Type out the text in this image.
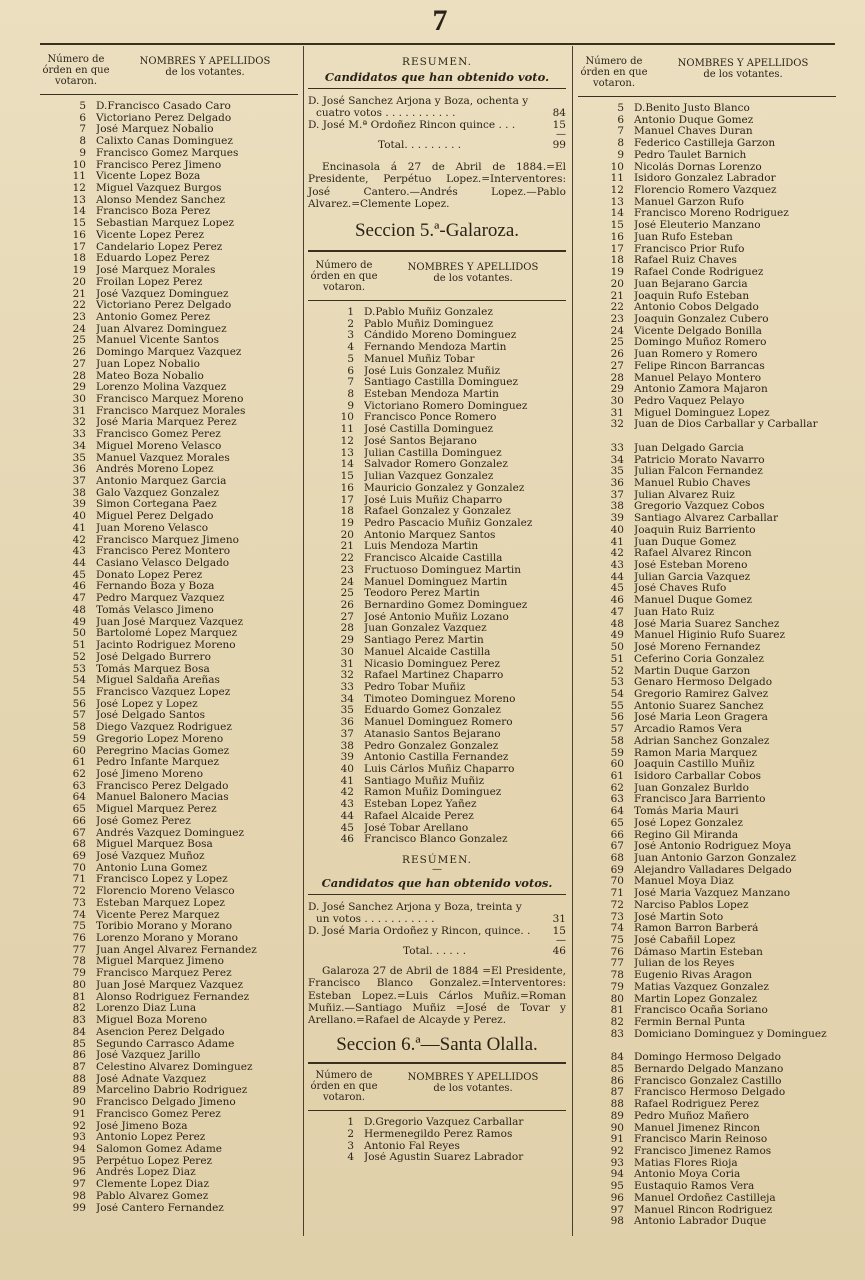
7
Número de
órden en que
votaron.
NOMBRES Y APELLIDOS
de los votantes.
5 D.Francisco Casado Caro
6 Victoriano Perez Delgado
7 José Marquez Nobalio
8 Calixto Canas Dominguez
9 Francisco Gomez Marques
10 Francisco Perez Jimeno
11 Vicente Lopez Boza
12 Miguel Vazquez Burgos
13 Alonso Mendez Sanchez
14 Francisco Boza Perez
15 Sebastian Marquez Lopez
16 Vicente Lopez Perez
17 Candelario Lopez Perez
18 Eduardo Lopez Perez
19 José Marquez Morales
20 Froilan Lopez Perez
21 José Vazquez Dominguez
22 Victoriano Perez Delgado
23 Antonio Gomez Perez
24 Juan Alvarez Dominguez
25 Manuel Vicente Santos
26 Domingo Marquez Vazquez
27 Juan Lopez Nobalio
28 Mateo Boza Nobalio
29 Lorenzo Molina Vazquez
30 Francisco Marquez Moreno
31 Francisco Marquez Morales
32 José Maria Marquez Perez
33 Francisco Gomez Perez
34 Miguel Moreno Velasco
35 Manuel Vazquez Morales
36 Andrés Moreno Lopez
37 Antonio Marquez Garcia
38 Galo Vazquez Gonzalez
39 Simon Cortegana Paez
40 Miguel Perez Delgado
41 Juan Moreno Velasco
42 Francisco Marquez Jimeno
43 Francisco Perez Montero
44 Casiano Velasco Delgado
45 Donato Lopez Perez
46 Fernando Boza y Boza
47 Pedro Marquez Vazquez
48 Tomás Velasco Jimeno
49 Juan José Marquez Vazquez
50 Bartolomé Lopez Marquez
51 Jacinto Rodriguez Moreno
52 José Delgado Burrero
53 Tomás Marquez Bosa
54 Miguel Saldaña Areñas
55 Francisco Vazquez Lopez
56 José Lopez y Lopez
57 José Delgado Santos
58 Diego Vazquez Rodriguez
59 Gregorio Lopez Moreno
60 Peregrino Macias Gomez
61 Pedro Infante Marquez
62 José Jimeno Moreno
63 Francisco Perez Delgado
64 Manuel Balonero Macias
65 Miguel Marquez Perez
66 José Gomez Perez
67 Andrés Vazquez Dominguez
68 Miguel Marquez Bosa
69 José Vazquez Muñoz
70 Antonio Luna Gomez
71 Francisco Lopez y Lopez
72 Florencio Moreno Velasco
73 Esteban Marquez Lopez
74 Vicente Perez Marquez
75 Toribio Morano y Morano
76 Lorenzo Morano y Morano
77 Juan Angel Alvarez Fernandez
78 Miguel Marquez Jimeno
79 Francisco Marquez Perez
80 Juan José Marquez Vazquez
81 Alonso Rodriguez Fernandez
82 Lorenzo Diaz Luna
83 Miguel Boza Moreno
84 Asencion Perez Delgado
85 Segundo Carrasco Adame
86 José Vazquez Jarillo
87 Celestino Alvarez Dominguez
88 José Adnate Vazquez
89 Marcelino Dabrio Rodriguez
90 Francisco Delgado Jimeno
91 Francisco Gomez Perez
92 José Jimeno Boza
93 Antonio Lopez Perez
94 Salomon Gomez Adame
95 Perpétuo Lopez Perez
96 Andrés Lopez Diaz
97 Clemente Lopez Diaz
98 Pablo Alvarez Gomez
99 José Cantero Fernandez
RESUMEN.
Candidatos que han obtenido voto.
D. José Sanchez Arjona y Boza, ochenta y
cuatro votos . . . . . . . . . . .	84
D. José M.ª Ordoñez Rincon quince . . .	15
—
Total. . . . . . . . .	99
Encinasola á 27 de Abril de 1884.=El Presidente, Perpétuo Lopez.=Interventores: José Cantero.—Andrés Lopez.—Pablo Alvarez.=Clemente Lopez.
Seccion 5.ª-Galaroza.
Número de
órden en que
votaron.
NOMBRES Y APELLIDOS
de los votantes.
1 D.Pablo Muñiz Gonzalez
2 Pablo Muñiz Dominguez
3 Cándido Moreno Dominguez
4 Fernando Mendoza Martin
5 Manuel Muñiz Tobar
6 José Luis Gonzalez Muñiz
7 Santiago Castilla Dominguez
8 Esteban Mendoza Martin
9 Victoriano Romero Dominguez
10 Francisco Ponce Romero
11 José Castilla Dominguez
12 José Santos Bejarano
13 Julian Castilla Dominguez
14 Salvador Romero Gonzalez
15 Julian Vazquez Gonzalez
16 Mauricio Gonzalez y Gonzalez
17 José Luis Muñiz Chaparro
18 Rafael Gonzalez y Gonzalez
19 Pedro Pascacio Muñiz Gonzalez
20 Antonio Marquez Santos
21 Luis Mendoza Martin
22 Francisco Alcaide Castilla
23 Fructuoso Dominguez Martin
24 Manuel Dominguez Martin
25 Teodoro Perez Martin
26 Bernardino Gomez Dominguez
27 José Antonio Muñiz Lozano
28 Juan Gonzalez Vazquez
29 Santiago Perez Martin
30 Manuel Alcaide Castilla
31 Nicasio Dominguez Perez
32 Rafael Martinez Chaparro
33 Pedro Tobar Muñiz
34 Timoteo Dominguez Moreno
35 Eduardo Gomez Gonzalez
36 Manuel Dominguez Romero
37 Atanasio Santos Bejarano
38 Pedro Gonzalez Gonzalez
39 Antonio Castilla Fernandez
40 Luis Cárlos Muñiz Chaparro
41 Santiago Muñiz Muñiz
42 Ramon Muñiz Dominguez
43 Esteban Lopez Yañez
44 Rafael Alcaide Perez
45 José Tobar Arellano
46 Francisco Blanco Gonzalez
RESÚMEN.
—
Candidatos que han obtenido votos.
D. José Sanchez Arjona y Boza, treinta y
un votos . . . . . . . . . . .	31
D. José Maria Ordoñez y Rincon, quince. . 15
—
Total. . . . . .	46
Galaroza 27 de Abril de 1884 =El Presidente, Francisco Blanco Gonzalez.=Interventores: Esteban Lopez.=Luis Cárlos Muñiz.=Roman Muñiz.—Santiago Muñiz =José de Tovar y Arellano.=Rafael de Alcayde y Perez.
Seccion 6.ª—Santa Olalla.
Número de
órden en que
votaron.
NOMBRES Y APELLIDOS
de los votantes.
1 D.Gregorio Vazquez Carballar
2 Hermenegildo Perez Ramos
3 Antonio Fal Reyes
4 José Agustin Suarez Labrador
Número de
órden en que
votaron.
NOMBRES Y APELLIDOS
de los votantes.
5 D.Benito Justo Blanco
6 Antonio Duque Gomez
7 Manuel Chaves Duran
8 Federico Castilleja Garzon
9 Pedro Taulet Barnich
10 Nicolás Dornas Lorenzo
11 Isidoro Gonzalez Labrador
12 Florencio Romero Vazquez
13 Manuel Garzon Rufo
14 Francisco Moreno Rodriguez
15 José Eleuterio Manzano
16 Juan Rufo Esteban
17 Francisco Prior Rufo
18 Rafael Ruiz Chaves
19 Rafael Conde Rodriguez
20 Juan Bejarano Garcia
21 Joaquin Rufo Esteban
22 Antonio Cobos Delgado
23 Joaquin Gonzalez Cubero
24 Vicente Delgado Bonilla
25 Domingo Muñoz Romero
26 Juan Romero y Romero
27 Felipe Rincon Barrancas
28 Manuel Pelayo Montero
29 Antonio Zamora Majaron
30 Pedro Vaquez Pelayo
31 Miguel Dominguez Lopez
32 Juan de Dios Carballar y Carballar
33 Juan Delgado Garcia
34 Patricio Morato Navarro
35 Julian Falcon Fernandez
36 Manuel Rubio Chaves
37 Julian Alvarez Ruiz
38 Gregorio Vazquez Cobos
39 Santiago Alvarez Carballar
40 Joaquin Ruiz Barriento
41 Juan Duque Gomez
42 Rafael Alvarez Rincon
43 José Esteban Moreno
44 Julian Garcia Vazquez
45 José Chaves Rufo
46 Manuel Duque Gomez
47 Juan Hato Ruiz
48 José Maria Suarez Sanchez
49 Manuel Higinio Rufo Suarez
50 José Moreno Fernandez
51 Ceferino Coria Gonzalez
52 Martin Duque Garzon
53 Genaro Hermoso Delgado
54 Gregorio Ramirez Galvez
55 Antonio Suarez Sanchez
56 José Maria Leon Gragera
57 Arcadio Ramos Vera
58 Adrian Sanchez Gonzalez
59 Ramon Maria Marquez
60 Joaquin Castillo Muñiz
61 Isidoro Carballar Cobos
62 Juan Gonzalez Burldo
63 Francisco Jara Barriento
64 Tomás Maria Mauri
65 José Lopez Gonzalez
66 Regino Gil Miranda
67 José Antonio Rodriguez Moya
68 Juan Antonio Garzon Gonzalez
69 Alejandro Valladares Delgado
70 Manuel Moya Diaz
71 José Maria Vazquez Manzano
72 Narciso Pablos Lopez
73 José Martin Soto
74 Ramon Barron Barberá
75 José Cabañil Lopez
76 Dámaso Martin Esteban
77 Julian de los Reyes
78 Eugenio Rivas Aragon
79 Matias Vazquez Gonzalez
80 Martin Lopez Gonzalez
81 Francisco Ocaña Soriano
82 Fermin Bernal Punta
83 Domiciano Dominguez y Dominguez
84 Domingo Hermoso Delgado
85 Bernardo Delgado Manzano
86 Francisco Gonzalez Castillo
87 Francisco Hermoso Delgado
88 Rafael Rodriguez Perez
89 Pedro Muñoz Mañero
90 Manuel Jimenez Rincon
91 Francisco Marin Reinoso
92 Francisco Jimenez Ramos
93 Matias Flores Rioja
94 Antonio Moya Coria
95 Eustaquio Ramos Vera
96 Manuel Ordoñez Castilleja
97 Manuel Rincon Rodriguez
98 Antonio Labrador Duque
